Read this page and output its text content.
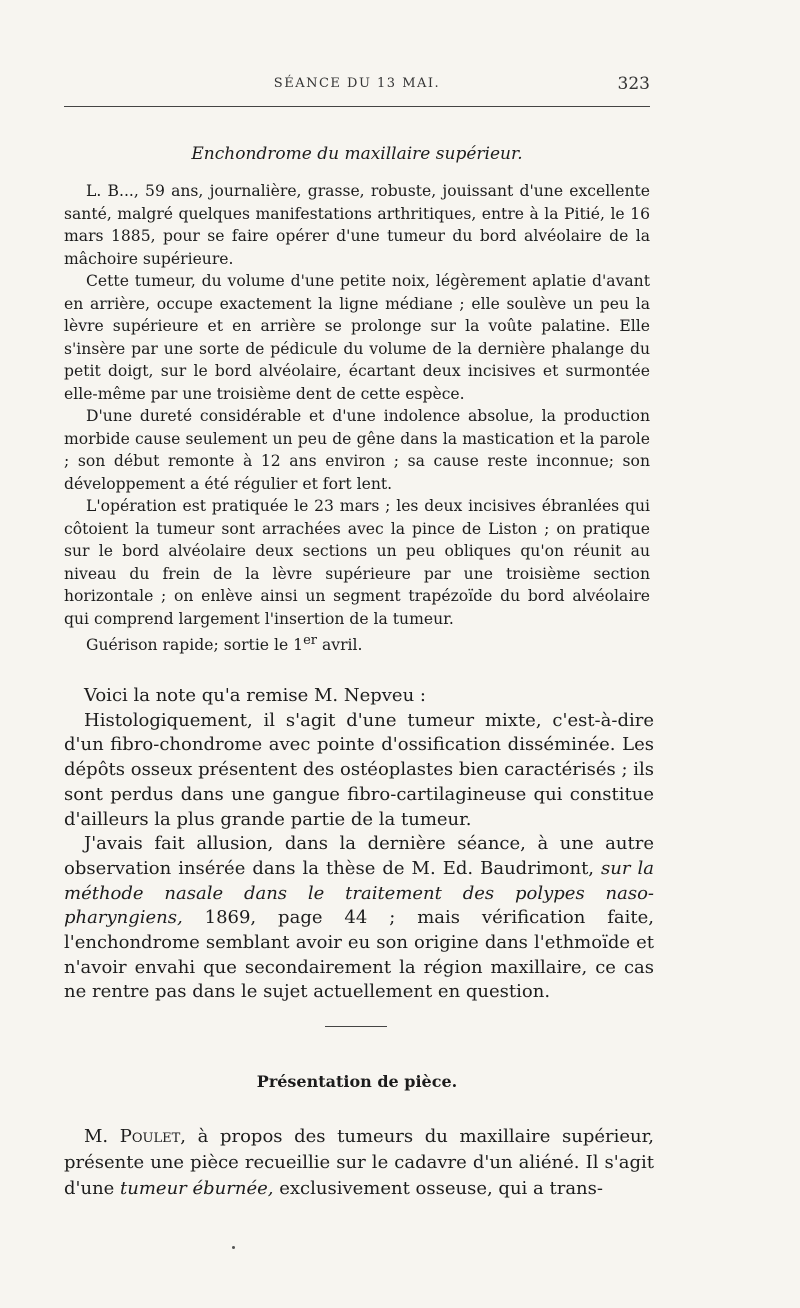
SÉANCE DU 13 MAI.	323
Enchondrome du maxillaire supérieur.

L. B..., 59 ans, journalière, grasse, robuste, jouissant d'une excellente santé, malgré quelques manifestations arthritiques, entre à la Pitié, le 16 mars 1885, pour se faire opérer d'une tumeur du bord alvéolaire de la mâchoire supérieure.

Cette tumeur, du volume d'une petite noix, légèrement aplatie d'avant en arrière, occupe exactement la ligne médiane ; elle soulève un peu la lèvre supérieure et en arrière se prolonge sur la voûte palatine. Elle s'insère par une sorte de pédicule du volume de la dernière phalange du petit doigt, sur le bord alvéolaire, écartant deux incisives et surmontée elle-même par une troisième dent de cette espèce.

D'une dureté considérable et d'une indolence absolue, la production morbide cause seulement un peu de gêne dans la mastication et la parole ; son début remonte à 12 ans environ ; sa cause reste inconnue; son développement a été régulier et fort lent.

L'opération est pratiquée le 23 mars ; les deux incisives ébranlées qui côtoient la tumeur sont arrachées avec la pince de Liston ; on pratique sur le bord alvéolaire deux sections un peu obliques qu'on réunit au niveau du frein de la lèvre supérieure par une troisième section horizontale ; on enlève ainsi un segment trapézoïde du bord alvéolaire qui comprend largement l'insertion de la tumeur.

Guérison rapide; sortie le 1er avril.

Voici la note qu'a remise M. Nepveu :

Histologiquement, il s'agit d'une tumeur mixte, c'est-à-dire d'un fibro-chondrome avec pointe d'ossification disséminée. Les dépôts osseux présentent des ostéoplastes bien caractérisés ; ils sont perdus dans une gangue fibro-cartilagineuse qui constitue d'ailleurs la plus grande partie de la tumeur.

J'avais fait allusion, dans la dernière séance, à une autre observation insérée dans la thèse de M. Ed. Baudrimont, sur la méthode nasale dans le traitement des polypes naso-pharyngiens, 1869, page 44 ; mais vérification faite, l'enchondrome semblant avoir eu son origine dans l'ethmoïde et n'avoir envahi que secondairement la région maxillaire, ce cas ne rentre pas dans le sujet actuellement en question.

Présentation de pièce.

M. Poulet, à propos des tumeurs du maxillaire supérieur, présente une pièce recueillie sur le cadavre d'un aliéné. Il s'agit d'une tumeur éburnée, exclusivement osseuse, qui a trans-
